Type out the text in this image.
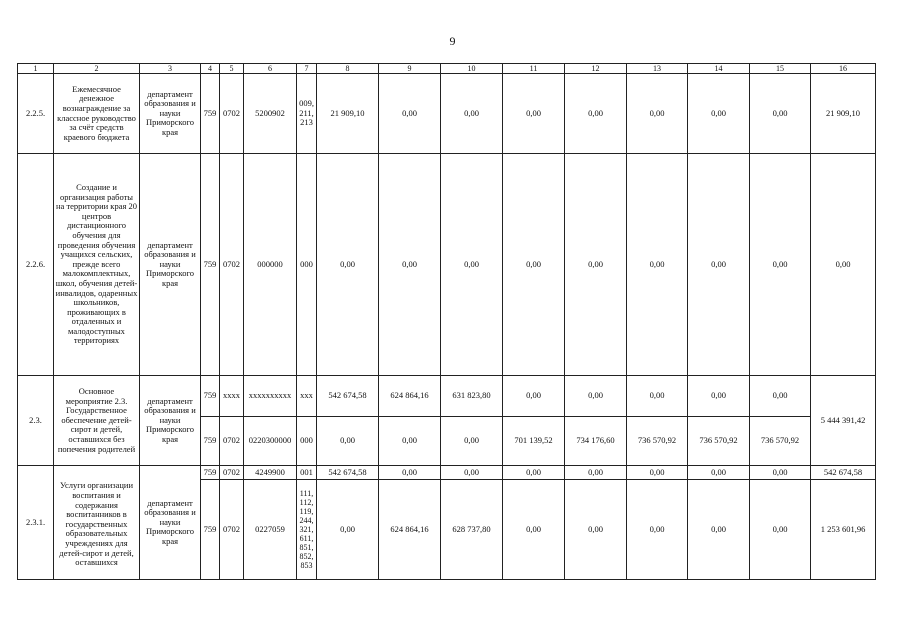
9
1	2	3	4	5	6	7	8	9	10	11	12	13	14	15	16
2.2.5.	Ежемесячное денежное вознаграждение за классное руководство за счёт средств краевого бюджета	департамент образования и науки Приморского края	759	0702	5200902	009, 211, 213	21 909,10	0,00	0,00	0,00	0,00	0,00	0,00	0,00	21 909,10
2.2.6.	Создание и организация работы на территории края 20 центров дистанционного обучения для проведения обучения учащихся сельских, прежде всего малокомплектных, школ, обучения детей-инвалидов, одаренных школьников, проживающих в отдаленных и малодоступных территориях	департамент образования и науки Приморского края	759	0702	000000	000	0,00	0,00	0,00	0,00	0,00	0,00	0,00	0,00	0,00
2.3.	Основное мероприятие 2.3. Государственное обеспечение детей-сирот и детей, оставшихся без попечения родителей	департамент образования и науки Приморского края	759	xxxx	xxxxxxxxxx	xxx	542 674,58	624 864,16	631 823,80	0,00	0,00	0,00	0,00	0,00	5 444 391,42
			759	0702	0220300000	000	0,00	0,00	0,00	701 139,52	734 176,60	736 570,92	736 570,92	736 570,92	
2.3.1.	Услуги организации воспитания и содержания воспитанников в государственных образовательных учреждениях для детей-сирот и детей, оставшихся	департамент образования и науки Приморского края	759	0702	4249900	001	542 674,58	0,00	0,00	0,00	0,00	0,00	0,00	0,00	542 674,58
			759	0702	0227059	111, 112, 119, 244, 321, 611, 851, 852, 853	0,00	624 864,16	628 737,80	0,00	0,00	0,00	0,00	0,00	1 253 601,96
